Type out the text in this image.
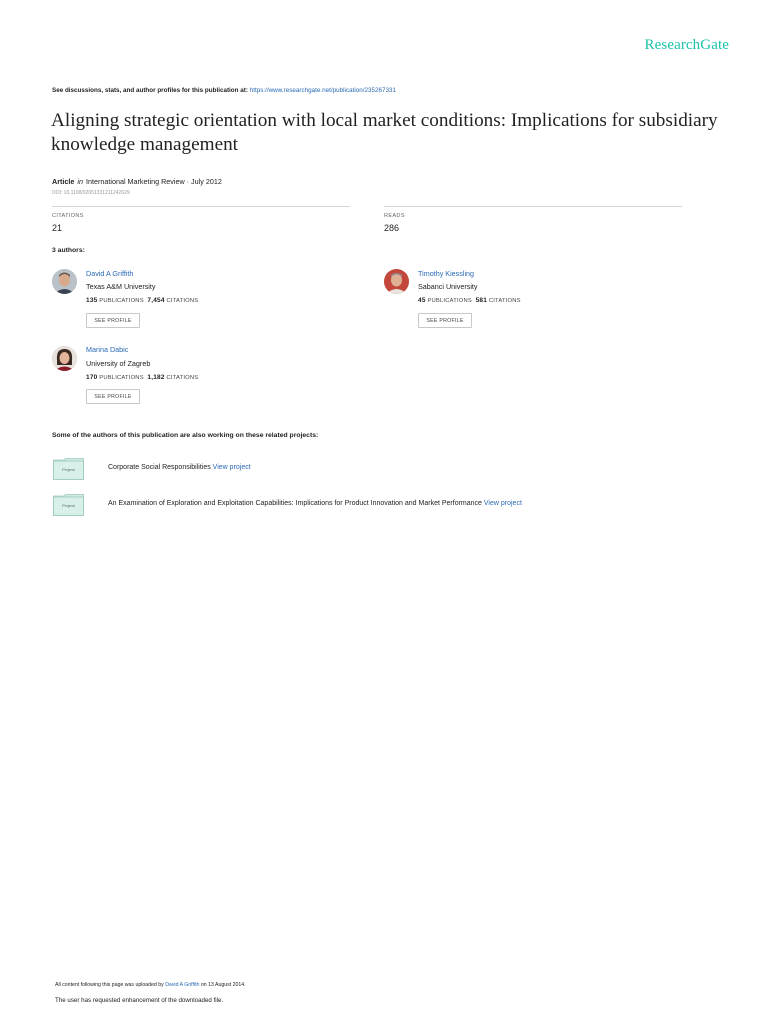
ResearchGate
See discussions, stats, and author profiles for this publication at: https://www.researchgate.net/publication/235267331
Aligning strategic orientation with local market conditions: Implications for subsidiary knowledge management
Article in International Marketing Review · July 2012
DOI: 10.1108/02651331211242629
CITATIONS
21
READS
286
3 authors:
David A Griffith
Texas A&M University
135 PUBLICATIONS 7,454 CITATIONS
SEE PROFILE
Timothy Kiessling
Sabanci University
45 PUBLICATIONS 581 CITATIONS
SEE PROFILE
Marina Dabic
University of Zagreb
170 PUBLICATIONS 1,182 CITATIONS
SEE PROFILE
Some of the authors of this publication are also working on these related projects:
Project	Corporate Social Responsibilities View project
Project	An Examination of Exploration and Exploitation Capabilities: Implications for Product Innovation and Market Performance View project
All content following this page was uploaded by David A Griffith on 13 August 2014.
The user has requested enhancement of the downloaded file.
